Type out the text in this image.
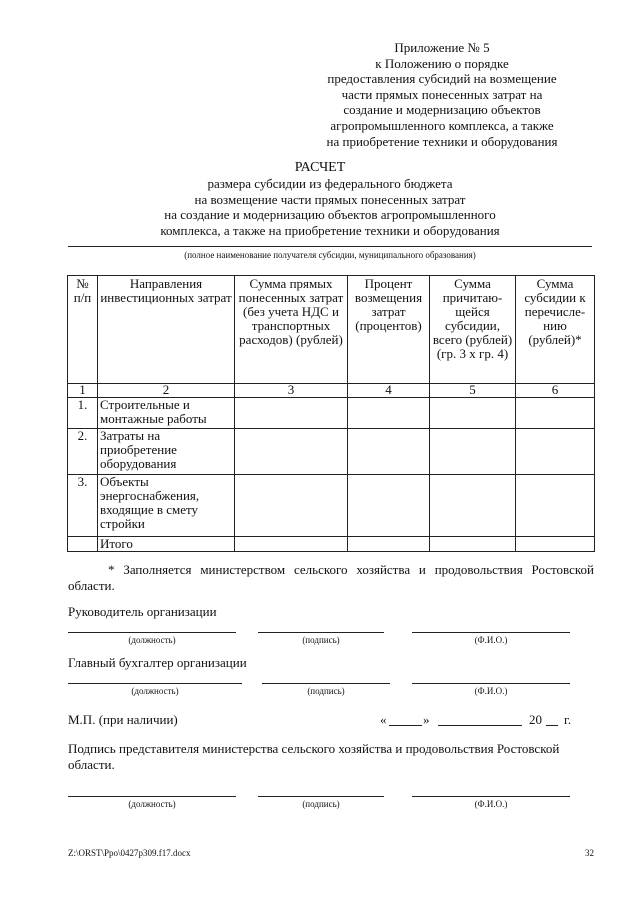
Приложение № 5
к Положению о порядке
предоставления субсидий на возмещение
части прямых понесенных затрат на
создание и модернизацию объектов
агропромышленного комплекса, а также
на приобретение техники и оборудования
РАСЧЕТ
размера субсидии из федерального бюджета
на возмещение части прямых понесенных затрат
на создание и модернизацию объектов агропромышленного
комплекса, а также на приобретение техники и оборудования
(полное наименование получателя субсидии, муниципального образования)
№ п/п	Направления инвестиционных затрат	Сумма прямых понесенных затрат (без учета НДС и транспортных расходов) (рублей)	Процент возмещения затрат (процентов)	Сумма причитаю-щейся субсидии, всего (рублей) (гр. 3 х гр. 4)	Сумма субсидии к перечисле-нию (рублей)*
1	2	3	4	5	6
1.	Строительные и монтажные работы				
2.	Затраты на приобретение оборудования				
3.	Объекты энергоснабжения, входящие в смету стройки				
	Итого				
* Заполняется министерством сельского хозяйства и продовольствия Ростовской области.
Руководитель организации
(должность)	(подпись)	(Ф.И.О.)
Главный бухгалтер организации
(должность)	(подпись)	(Ф.И.О.)
М.П. (при наличии)	«	»	20 г.
Подпись представителя министерства сельского хозяйства и продовольствия Ростовской области.
(должность)	(подпись)	(Ф.И.О.)
Z:\ORST\Ppo\0427p309.f17.docx	32
